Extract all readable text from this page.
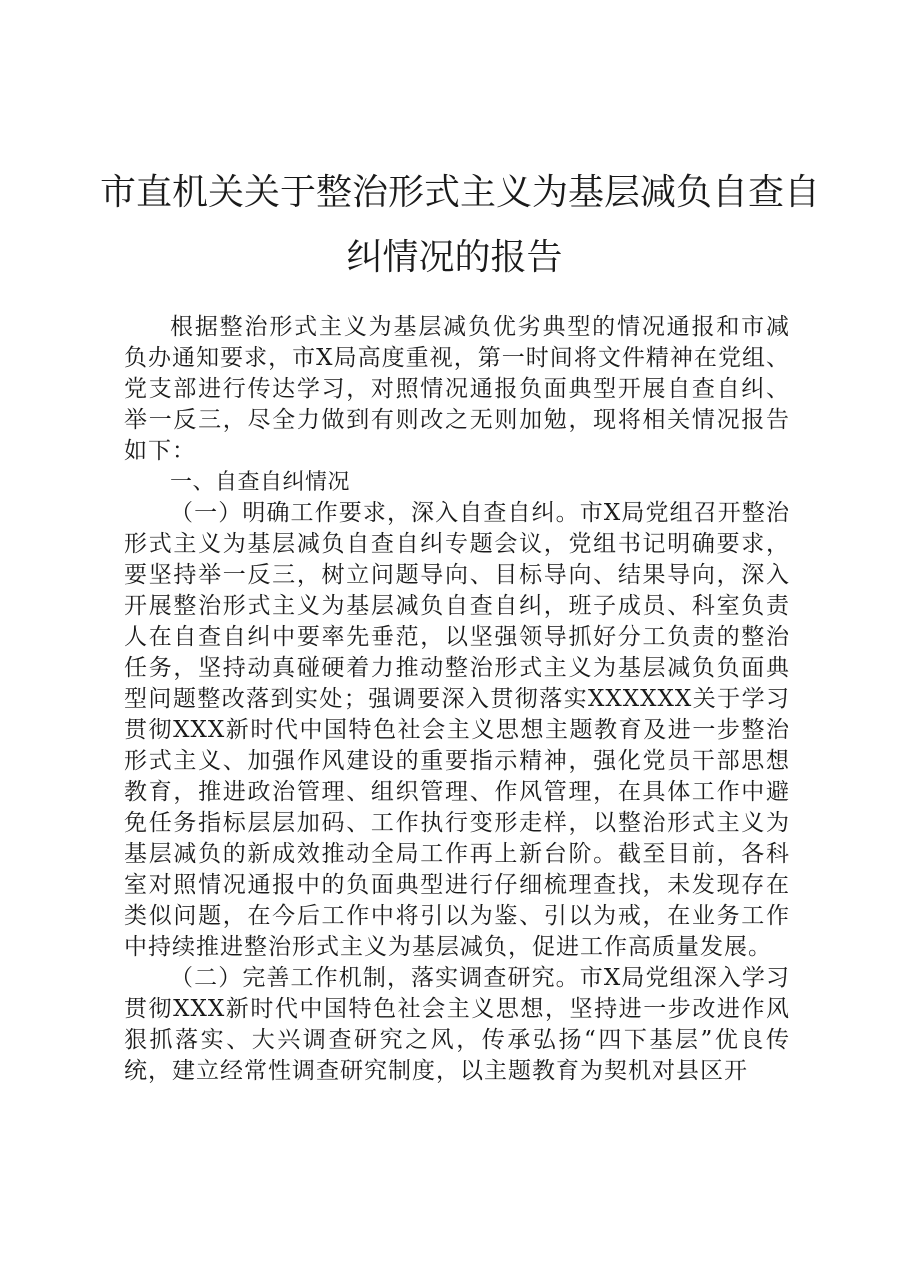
市直机关关于整治形式主义为基层减负自查自
纠情况的报告

根据整治形式主义为基层减负优劣典型的情况通报和市减负办通知要求，市X局高度重视，第一时间将文件精神在党组、党支部进行传达学习，对照情况通报负面典型开展自查自纠、举一反三，尽全力做到有则改之无则加勉，现将相关情况报告如下：

一、自查自纠情况

（一）明确工作要求，深入自查自纠。市X局党组召开整治形式主义为基层减负自查自纠专题会议，党组书记明确要求，要坚持举一反三，树立问题导向、目标导向、结果导向，深入开展整治形式主义为基层减负自查自纠，班子成员、科室负责人在自查自纠中要率先垂范，以坚强领导抓好分工负责的整治任务，坚持动真碰硬着力推动整治形式主义为基层减负负面典型问题整改落到实处；强调要深入贯彻落实XXXXXX关于学习贯彻XXX新时代中国特色社会主义思想主题教育及进一步整治形式主义、加强作风建设的重要指示精神，强化党员干部思想教育，推进政治管理、组织管理、作风管理，在具体工作中避免任务指标层层加码、工作执行变形走样，以整治形式主义为基层减负的新成效推动全局工作再上新台阶。截至目前，各科室对照情况通报中的负面典型进行仔细梳理查找，未发现存在类似问题，在今后工作中将引以为鉴、引以为戒，在业务工作中持续推进整治形式主义为基层减负，促进工作高质量发展。

（二）完善工作机制，落实调查研究。市X局党组深入学习贯彻XXX新时代中国特色社会主义思想，坚持进一步改进作风狠抓落实、大兴调查研究之风，传承弘扬“四下基层”优良传统，建立经常性调查研究制度，以主题教育为契机对县区开
